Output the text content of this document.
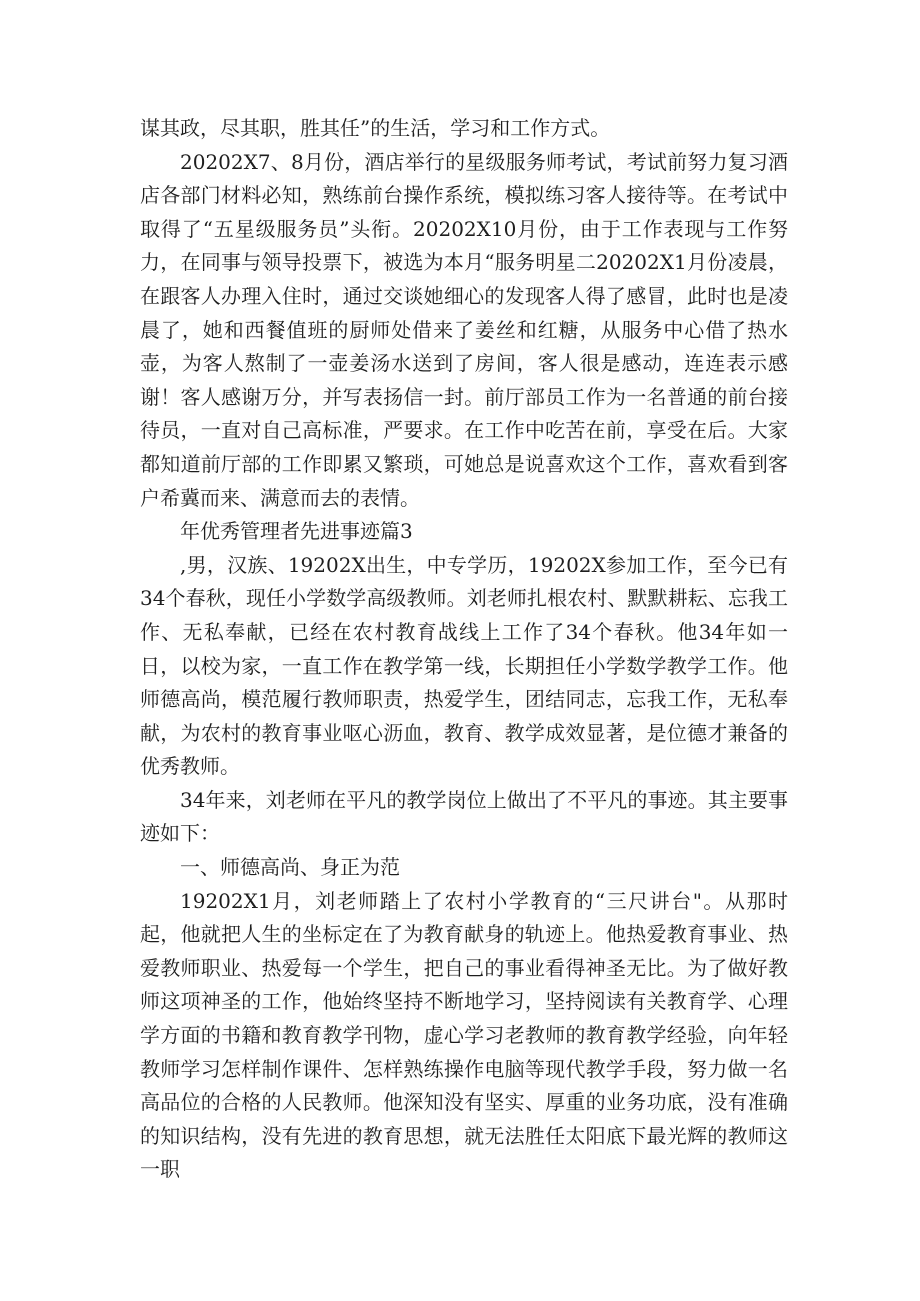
谋其政，尽其职，胜其任”的生活，学习和工作方式。

20202X7、8月份，酒店举行的星级服务师考试，考试前努力复习酒店各部门材料必知，熟练前台操作系统，模拟练习客人接待等。在考试中取得了“五星级服务员”头衔。20202X10月份，由于工作表现与工作努力，在同事与领导投票下，被选为本月“服务明星二20202X1月份凌晨，在跟客人办理入住时，通过交谈她细心的发现客人得了感冒，此时也是凌晨了，她和西餐值班的厨师处借来了姜丝和红糖，从服务中心借了热水壶，为客人熬制了一壶姜汤水送到了房间，客人很是感动，连连表示感谢！客人感谢万分，并写表扬信一封。前厅部员工作为一名普通的前台接待员，一直对自己高标准，严要求。在工作中吃苦在前，享受在后。大家都知道前厅部的工作即累又繁琐，可她总是说喜欢这个工作，喜欢看到客户希冀而来、满意而去的表情。

年优秀管理者先进事迹篇3

,男，汉族、19202X出生，中专学历，19202X参加工作，至今已有34个春秋，现任小学数学高级教师。刘老师扎根农村、默默耕耘、忘我工作、无私奉献，已经在农村教育战线上工作了34个春秋。他34年如一日，以校为家，一直工作在教学第一线，长期担任小学数学教学工作。他师德高尚，模范履行教师职责，热爱学生，团结同志，忘我工作，无私奉献，为农村的教育事业呕心沥血，教育、教学成效显著，是位德才兼备的优秀教师。

34年来，刘老师在平凡的教学岗位上做出了不平凡的事迹。其主要事迹如下：

一、师德高尚、身正为范

19202X1月，刘老师踏上了农村小学教育的“三尺讲台"。从那时起，他就把人生的坐标定在了为教育献身的轨迹上。他热爱教育事业、热爱教师职业、热爱每一个学生，把自己的事业看得神圣无比。为了做好教师这项神圣的工作，他始终坚持不断地学习，坚持阅读有关教育学、心理学方面的书籍和教育教学刊物，虚心学习老教师的教育教学经验，向年轻教师学习怎样制作课件、怎样熟练操作电脑等现代教学手段，努力做一名高品位的合格的人民教师。他深知没有坚实、厚重的业务功底，没有准确的知识结构，没有先进的教育思想，就无法胜任太阳底下最光辉的教师这一职
